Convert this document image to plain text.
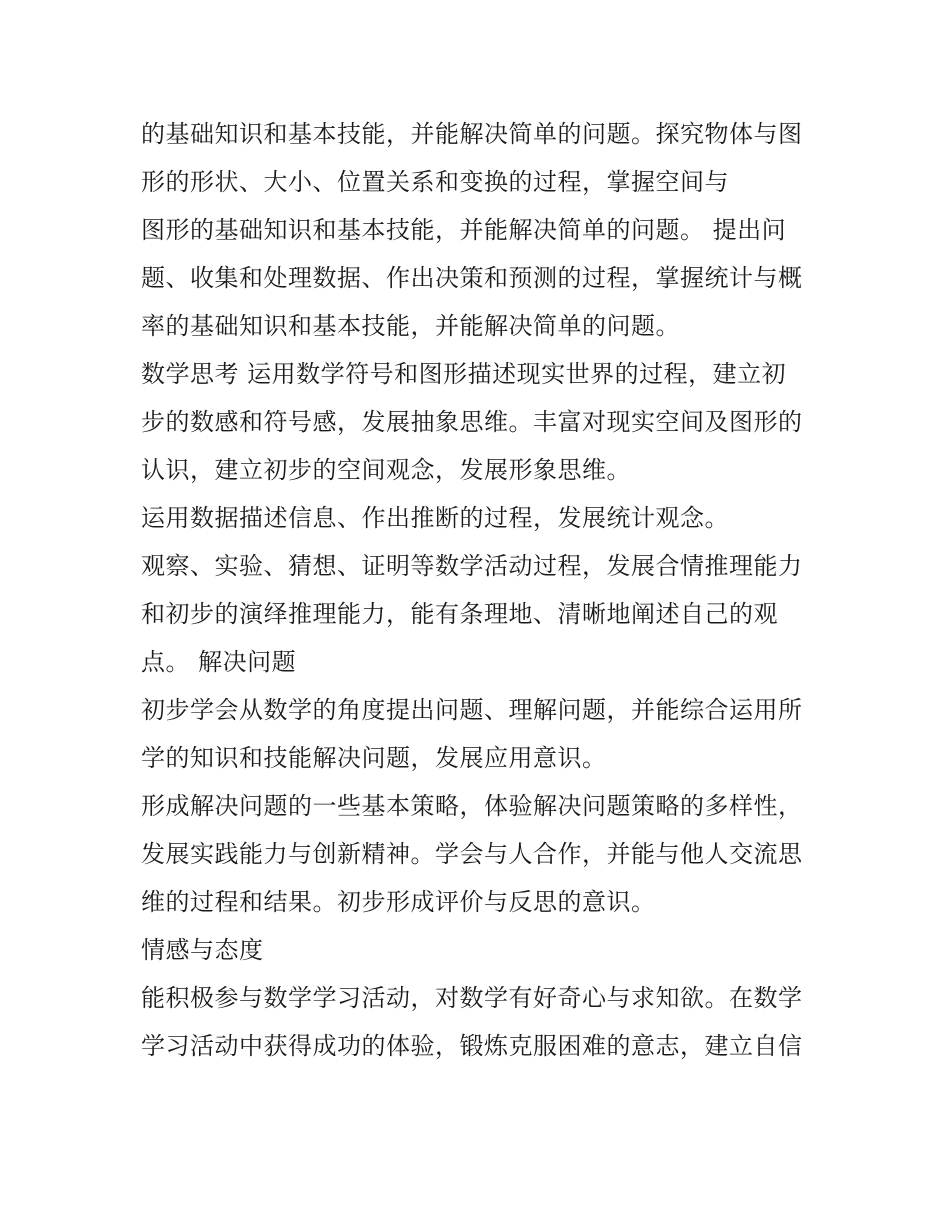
的基础知识和基本技能，并能解决简单的问题。探究物体与图
形的形状、大小、位置关系和变换的过程，掌握空间与
图形的基础知识和基本技能，并能解决简单的问题。 提出问
题、收集和处理数据、作出决策和预测的过程，掌握统计与概
率的基础知识和基本技能，并能解决简单的问题。
数学思考 运用数学符号和图形描述现实世界的过程，建立初
步的数感和符号感，发展抽象思维。丰富对现实空间及图形的
认识，建立初步的空间观念，发展形象思维。
运用数据描述信息、作出推断的过程，发展统计观念。
观察、实验、猜想、证明等数学活动过程，发展合情推理能力
和初步的演绎推理能力，能有条理地、清晰地阐述自己的观
点。 解决问题
初步学会从数学的角度提出问题、理解问题，并能综合运用所
学的知识和技能解决问题，发展应用意识。
形成解决问题的一些基本策略，体验解决问题策略的多样性，
发展实践能力与创新精神。学会与人合作，并能与他人交流思
维的过程和结果。初步形成评价与反思的意识。
情感与态度
能积极参与数学学习活动，对数学有好奇心与求知欲。在数学
学习活动中获得成功的体验，锻炼克服困难的意志，建立自信
